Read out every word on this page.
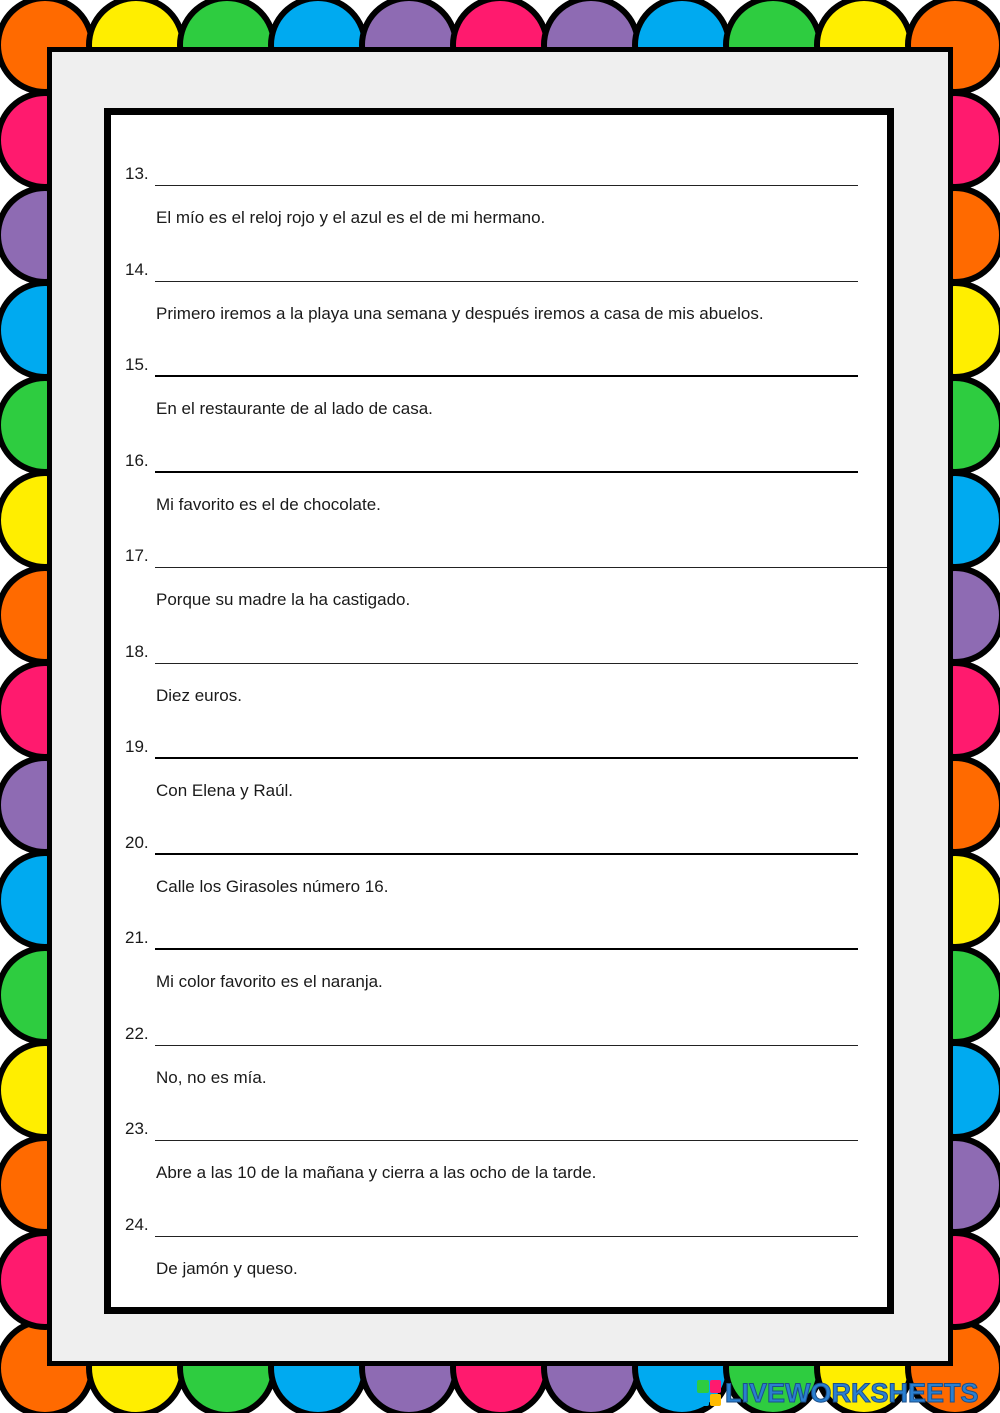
13.
El mío es el reloj rojo y el azul es el de mi hermano.
14.
Primero iremos a la playa una semana y después iremos a casa de mis abuelos.
15.
En el restaurante de al lado de casa.
16.
Mi favorito es el de chocolate.
17.
Porque su madre la ha castigado.
18.
Diez euros.
19.
Con Elena y Raúl.
20.
Calle los Girasoles número 16.
21.
Mi color favorito es el naranja.
22.
No, no es mía.
23.
Abre a las 10 de la mañana y cierra a las ocho de la tarde.
24.
De jamón y queso.
LIVEWORKSHEETS
